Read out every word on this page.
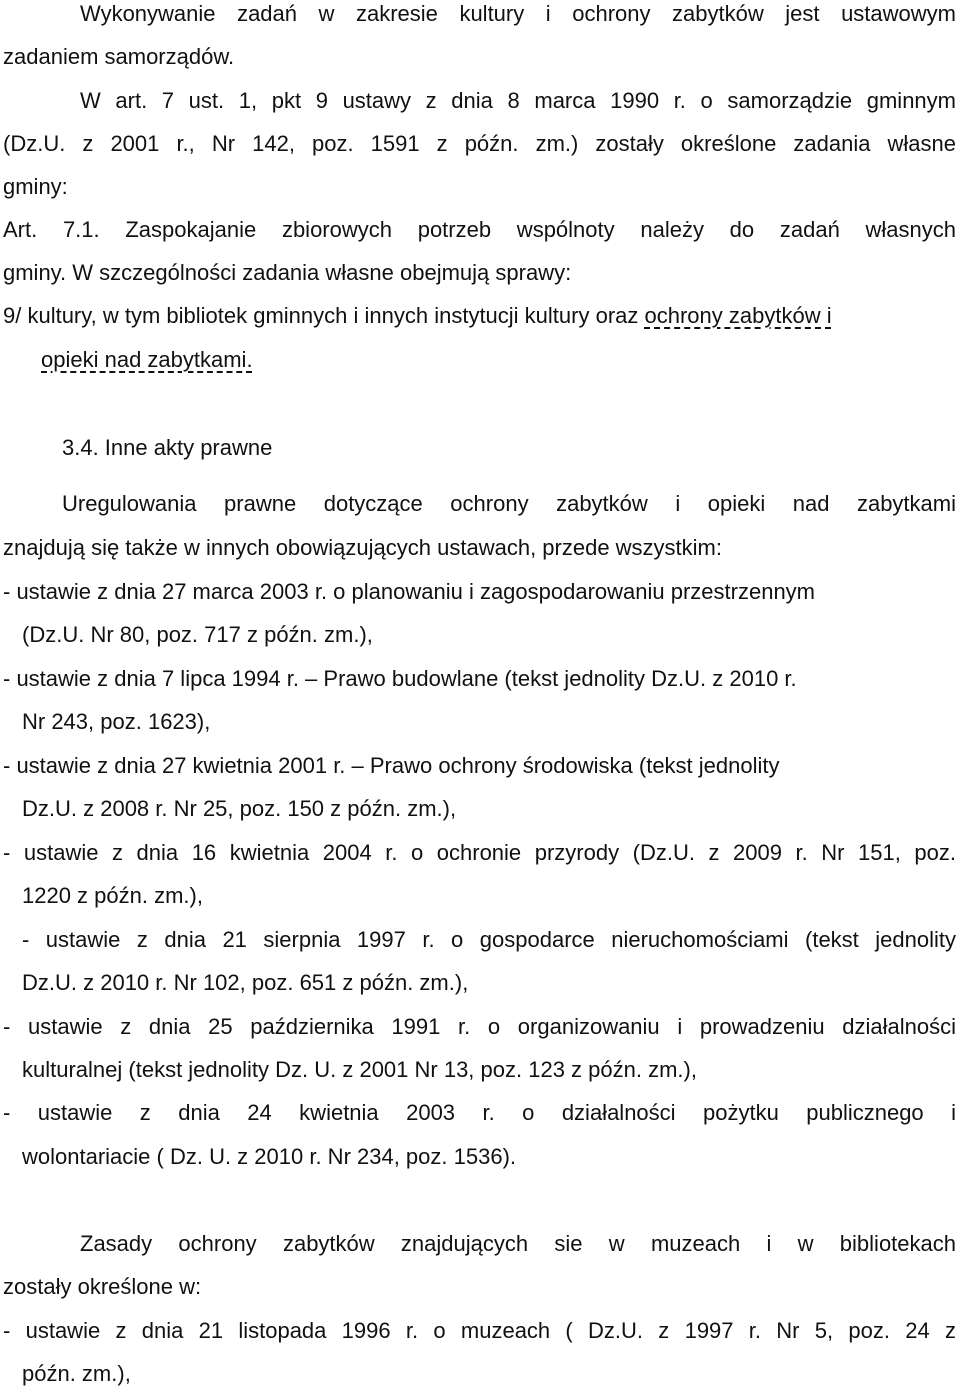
Wykonywanie zadań w zakresie kultury i ochrony zabytków jest ustawowym
zadaniem samorządów.
W art. 7 ust. 1, pkt 9 ustawy z dnia 8 marca 1990 r. o samorządzie gminnym
(Dz.U. z 2001 r., Nr 142, poz. 1591 z późn. zm.) zostały określone zadania własne
gminy:
Art. 7.1. Zaspokajanie zbiorowych potrzeb wspólnoty należy do zadań własnych
gminy. W szczególności zadania własne obejmują sprawy:
9/ kultury, w tym bibliotek gminnych i innych instytucji kultury oraz ochrony zabytków i
opieki nad zabytkami.
3.4. Inne akty prawne
Uregulowania prawne dotyczące ochrony zabytków i opieki nad zabytkami
znajdują się także w innych obowiązujących ustawach, przede wszystkim:
- ustawie z dnia 27 marca 2003 r. o planowaniu i zagospodarowaniu przestrzennym
(Dz.U. Nr 80, poz. 717 z późn. zm.),
- ustawie z dnia 7 lipca 1994 r. – Prawo budowlane (tekst jednolity Dz.U. z 2010 r.
Nr 243, poz. 1623),
- ustawie z dnia 27 kwietnia 2001 r. – Prawo ochrony środowiska (tekst jednolity
Dz.U. z 2008 r. Nr 25, poz. 150 z późn. zm.),
- ustawie z dnia 16 kwietnia 2004 r. o ochronie przyrody (Dz.U. z 2009 r. Nr 151, poz.
1220 z późn. zm.),
- ustawie z dnia 21 sierpnia 1997 r. o gospodarce nieruchomościami (tekst jednolity
Dz.U. z 2010 r. Nr 102, poz. 651 z późn. zm.),
- ustawie z dnia 25 października 1991 r. o organizowaniu i prowadzeniu działalności
kulturalnej (tekst jednolity Dz. U. z 2001 Nr 13, poz. 123 z późn. zm.),
- ustawie z dnia 24 kwietnia 2003 r. o działalności pożytku publicznego i
wolontariacie ( Dz. U. z 2010 r. Nr 234, poz. 1536).
Zasady ochrony zabytków znajdujących sie w muzeach i w bibliotekach
zostały określone w:
- ustawie z dnia 21 listopada 1996 r. o muzeach ( Dz.U. z 1997 r. Nr 5, poz. 24 z
późn. zm.),
